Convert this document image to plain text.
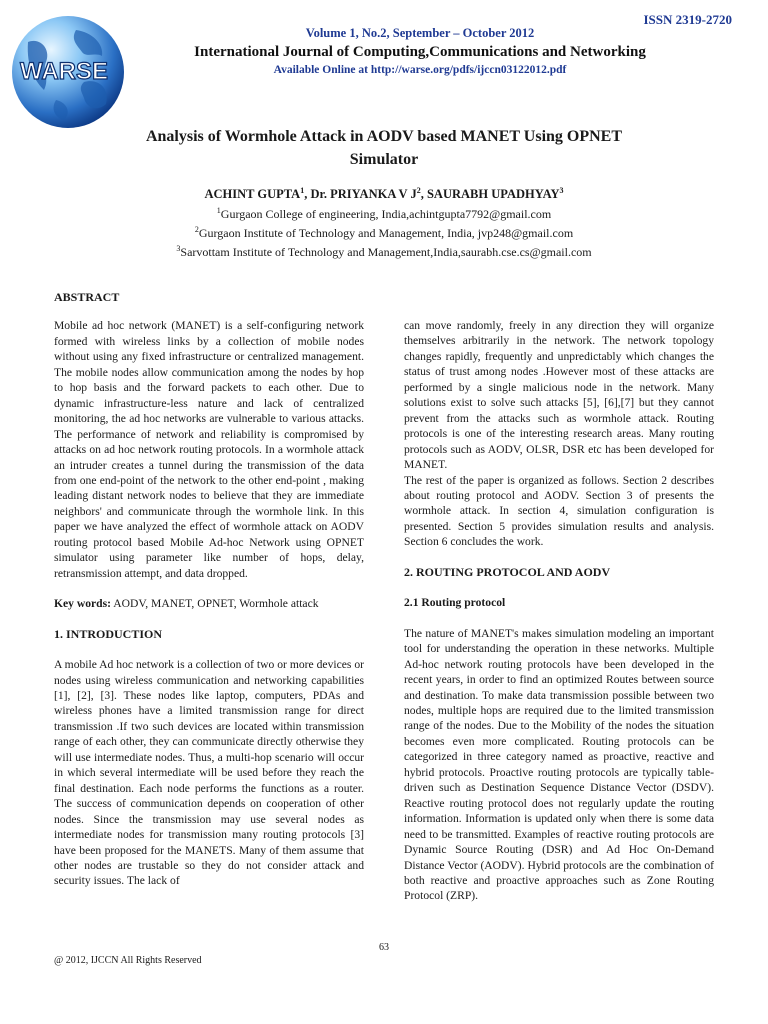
WARSE
ISSN 2319-2720
Volume 1, No.2, September – October 2012
International Journal of Computing,Communications and Networking
Available Online at http://warse.org/pdfs/ijccn03122012.pdf
Analysis of Wormhole Attack in AODV based MANET Using OPNET
Simulator
ACHINT GUPTA$^1$, Dr. PRIYANKA V $J^2$, SAURABH UPADHYAY$^3$
$^1$Gurgaon College of engineering, India,achintgupta7792@gmail.com
$^2$Gurgaon Institute of Technology and Management, India, jvp248@gmail.com
$^3$Sarvottam Institute of Technology and Management,India,saurabh.cse.cs@gmail.com
ABSTRACT

Mobile ad hoc network (MANET) is a self-configuring network formed with wireless links by a collection of mobile nodes without using any fixed infrastructure or centralized management. The mobile nodes allow communication among the nodes by hop to hop basis and the forward packets to each other. Due to dynamic infrastructure-less nature and lack of centralized monitoring, the ad hoc networks are vulnerable to various attacks. The performance of network and reliability is compromised by attacks on ad hoc network routing protocols. In a wormhole attack an intruder creates a tunnel during the transmission of the data from one end-point of the network to the other end-point , making leading distant network nodes to believe that they are immediate neighbors' and communicate through the wormhole link. In this paper we have analyzed the effect of wormhole attack on AODV routing protocol based Mobile Ad-hoc Network using OPNET simulator using parameter like number of hops, delay, retransmission attempt, and data dropped.

Key words: AODV, MANET, OPNET, Wormhole attack

1. INTRODUCTION

A mobile Ad hoc network is a collection of two or more devices or nodes using wireless communication and networking capabilities [1], [2], [3]. These nodes like laptop, computers, PDAs and wireless phones have a limited transmission range for direct transmission .If two such devices are located within transmission range of each other, they can communicate directly otherwise they will use intermediate nodes. Thus, a multi-hop scenario will occur in which several intermediate will be used before they reach the final destination. Each node performs the functions as a router. The success of communication depends on cooperation of other nodes. Since the transmission may use several nodes as intermediate nodes for transmission many routing protocols [3] have been proposed for the MANETS. Many of them assume that other nodes are trustable so they do not consider attack and security issues. The lack of

can move randomly, freely in any direction they will organize themselves arbitrarily in the network. The network topology changes rapidly, frequently and unpredictably which changes the status of trust among nodes .However most of these attacks are performed by a single malicious node in the network. Many solutions exist to solve such attacks [5], [6],[7] but they cannot prevent from the attacks such as wormhole attack. Routing protocols is one of the interesting research areas. Many routing protocols such as AODV, OLSR, DSR etc has been developed for MANET.

The rest of the paper is organized as follows. Section 2 describes about routing protocol and AODV. Section 3 of presents the wormhole attack. In section 4, simulation configuration is presented. Section 5 provides simulation results and analysis. Section 6 concludes the work.

2. ROUTING PROTOCOL AND AODV
2.1 Routing protocol

The nature of MANET's makes simulation modeling an important tool for understanding the operation in these networks. Multiple Ad-hoc network routing protocols have been developed in the recent years, in order to find an optimized Routes between source and destination. To make data transmission possible between two nodes, multiple hops are required due to the limited transmission range of the nodes. Due to the Mobility of the nodes the situation becomes even more complicated. Routing protocols can be categorized in three category named as proactive, reactive and hybrid protocols. Proactive routing protocols are typically table-driven such as Destination Sequence Distance Vector (DSDV). Reactive routing protocol does not regularly update the routing information. Information is updated only when there is some data need to be transmitted. Examples of reactive routing protocols are Dynamic Source Routing (DSR) and Ad Hoc On-Demand Distance Vector (AODV). Hybrid protocols are the combination of both reactive and proactive approaches such as Zone Routing Protocol (ZRP).

63
@ 2012, IJCCN All Rights Reserved
